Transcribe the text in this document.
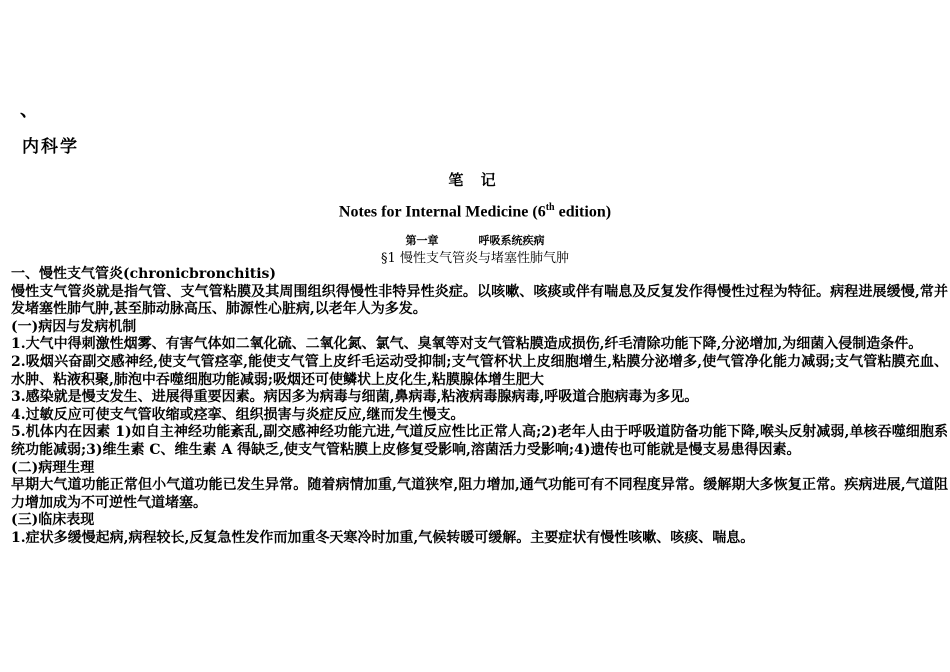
、
内科学
笔 记
Notes for Internal Medicine (6th edition)
第一章	呼吸系统疾病
§1 慢性支气管炎与堵塞性肺气肿

一、慢性支气管炎(chronicbronchitis)

慢性支气管炎就是指气管、支气管粘膜及其周围组织得慢性非特异性炎症。以咳嗽、咳痰或伴有喘息及反复发作得慢性过程为特征。病程进展缓慢,常并发堵塞性肺气肿,甚至肺动脉高压、肺源性心脏病,以老年人为多发。

(一)病因与发病机制

1.大气中得刺激性烟雾、有害气体如二氧化硫、二氧化氮、氯气、臭氧等对支气管粘膜造成损伤,纤毛清除功能下降,分泌增加,为细菌入侵制造条件。

2.吸烟兴奋副交感神经,使支气管痉挛,能使支气管上皮纤毛运动受抑制;支气管杯状上皮细胞增生,粘膜分泌增多,使气管净化能力减弱;支气管粘膜充血、水肿、粘液积聚,肺泡中吞噬细胞功能减弱;吸烟还可使鳞状上皮化生,粘膜腺体增生肥大

3.感染就是慢支发生、进展得重要因素。病因多为病毒与细菌,鼻病毒,粘液病毒腺病毒,呼吸道合胞病毒为多见。

4.过敏反应可使支气管收缩或痉挛、组织损害与炎症反应,继而发生慢支。

5.机体内在因素 1)如自主神经功能紊乱,副交感神经功能亢进,气道反应性比正常人高;2)老年人由于呼吸道防备功能下降,喉头反射减弱,单核吞噬细胞系统功能减弱;3)维生素 C、维生素 A 得缺乏,使支气管粘膜上皮修复受影响,溶菌活力受影响;4)遗传也可能就是慢支易患得因素。

(二)病理生理

早期大气道功能正常但小气道功能已发生异常。随着病情加重,气道狭窄,阻力增加,通气功能可有不同程度异常。缓解期大多恢复正常。疾病进展,气道阻力增加成为不可逆性气道堵塞。

(三)临床表现

1.症状多缓慢起病,病程较长,反复急性发作而加重冬天寒冷时加重,气候转暖可缓解。主要症状有慢性咳嗽、咳痰、喘息。
